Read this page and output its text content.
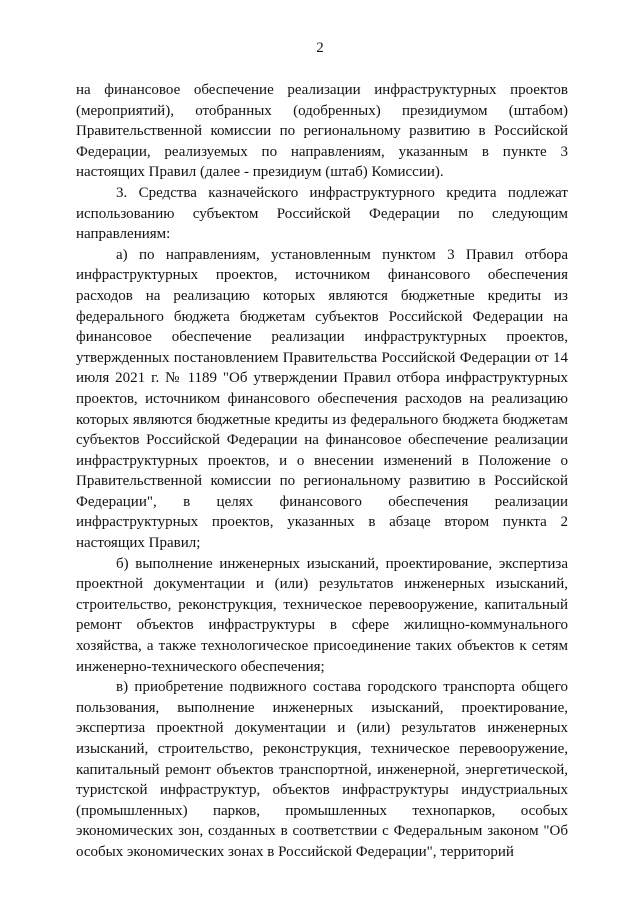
2

на финансовое обеспечение реализации инфраструктурных проектов (мероприятий), отобранных (одобренных) президиумом (штабом) Правительственной комиссии по региональному развитию в Российской Федерации, реализуемых по направлениям, указанным в пункте 3 настоящих Правил (далее - президиум (штаб) Комиссии).

3. Средства казначейского инфраструктурного кредита подлежат использованию субъектом Российской Федерации по следующим направлениям:

а) по направлениям, установленным пунктом 3 Правил отбора инфраструктурных проектов, источником финансового обеспечения расходов на реализацию которых являются бюджетные кредиты из федерального бюджета бюджетам субъектов Российской Федерации на финансовое обеспечение реализации инфраструктурных проектов, утвержденных постановлением Правительства Российской Федерации от 14 июля 2021 г. № 1189 "Об утверждении Правил отбора инфраструктурных проектов, источником финансового обеспечения расходов на реализацию которых являются бюджетные кредиты из федерального бюджета бюджетам субъектов Российской Федерации на финансовое обеспечение реализации инфраструктурных проектов, и о внесении изменений в Положение о Правительственной комиссии по региональному развитию в Российской Федерации", в целях финансового обеспечения реализации инфраструктурных проектов, указанных в абзаце втором пункта 2 настоящих Правил;

б) выполнение инженерных изысканий, проектирование, экспертиза проектной документации и (или) результатов инженерных изысканий, строительство, реконструкция, техническое перевооружение, капитальный ремонт объектов инфраструктуры в сфере жилищно-коммунального хозяйства, а также технологическое присоединение таких объектов к сетям инженерно-технического обеспечения;

в) приобретение подвижного состава городского транспорта общего пользования, выполнение инженерных изысканий, проектирование, экспертиза проектной документации и (или) результатов инженерных изысканий, строительство, реконструкция, техническое перевооружение, капитальный ремонт объектов транспортной, инженерной, энергетической, туристской инфраструктур, объектов инфраструктуры индустриальных (промышленных) парков, промышленных технопарков, особых экономических зон, созданных в соответствии с Федеральным законом "Об особых экономических зонах в Российской Федерации", территорий
